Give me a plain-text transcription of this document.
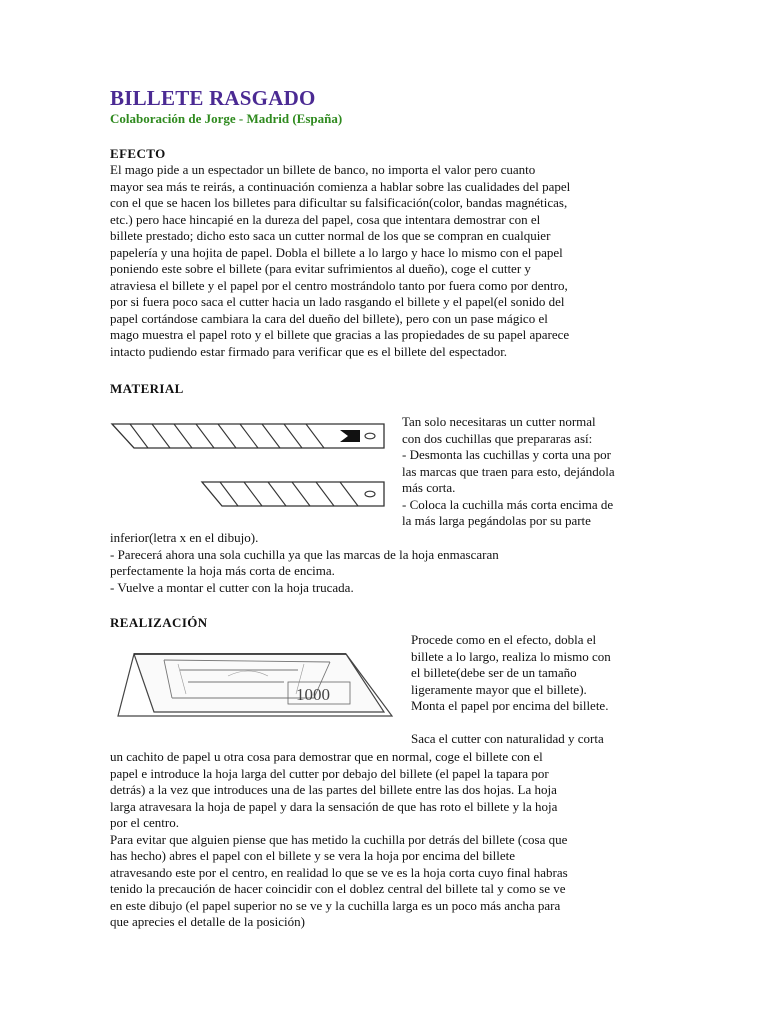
BILLETE RASGADO
Colaboración de Jorge - Madrid (España)
EFECTO
El mago pide a un espectador un billete de banco, no importa el valor pero cuanto
mayor sea más te reirás, a continuación comienza a hablar sobre las cualidades del papel
con el que se hacen los billetes para dificultar su falsificación(color, bandas magnéticas,
etc.) pero hace hincapié en la dureza del papel, cosa que intentara demostrar con el
billete prestado; dicho esto saca un cutter normal de los que se compran en cualquier
papelería y una hojita de papel. Dobla el billete a lo largo y hace lo mismo con el papel
poniendo este sobre el billete (para evitar sufrimientos al dueño), coge el cutter y
atraviesa el billete y el papel por el centro mostrándolo tanto por fuera como por dentro,
por si fuera poco saca el cutter hacia un lado rasgando el billete y el papel(el sonido del
papel cortándose cambiara la cara del dueño del billete), pero con un pase mágico el
mago muestra el papel roto y el billete que gracias a las propiedades de su papel aparece
intacto pudiendo estar firmado para verificar que es el billete del espectador.
MATERIAL
Tan solo necesitaras un cutter normal
con dos cuchillas que prepararas así:
- Desmonta las cuchillas y corta una por
las marcas que traen para esto, dejándola
más corta.
- Coloca la cuchilla más corta encima de
la más larga pegándolas por su parte
inferior(letra x en el dibujo).
- Parecerá ahora una sola cuchilla ya que las marcas de la hoja enmascaran
perfectamente la hoja más corta de encima.
- Vuelve a montar el cutter con la hoja trucada.
REALIZACIÓN
1000
Procede como en el efecto, dobla el
billete a lo largo, realiza lo mismo con
el billete(debe ser de un tamaño
ligeramente mayor que el billete).
Monta el papel por encima del billete.
Saca el cutter con naturalidad y corta
un cachito de papel u otra cosa para demostrar que en normal, coge el billete con el
papel e introduce la hoja larga del cutter por debajo del billete (el papel la tapara por
detrás) a la vez que introduces una de las partes del billete entre las dos hojas. La hoja
larga atravesara la hoja de papel y dara la sensación de que has roto el billete y la hoja
por el centro.
Para evitar que alguien piense que has metido la cuchilla por detrás del billete (cosa que
has hecho) abres el papel con el billete y se vera la hoja por encima del billete
atravesando este por el centro, en realidad lo que se ve es la hoja corta cuyo final habras
tenido la precaución de hacer coincidir con el doblez central del billete tal y como se ve
en este dibujo (el papel superior no se ve y la cuchilla larga es un poco más ancha para
que aprecies el detalle de la posición)
